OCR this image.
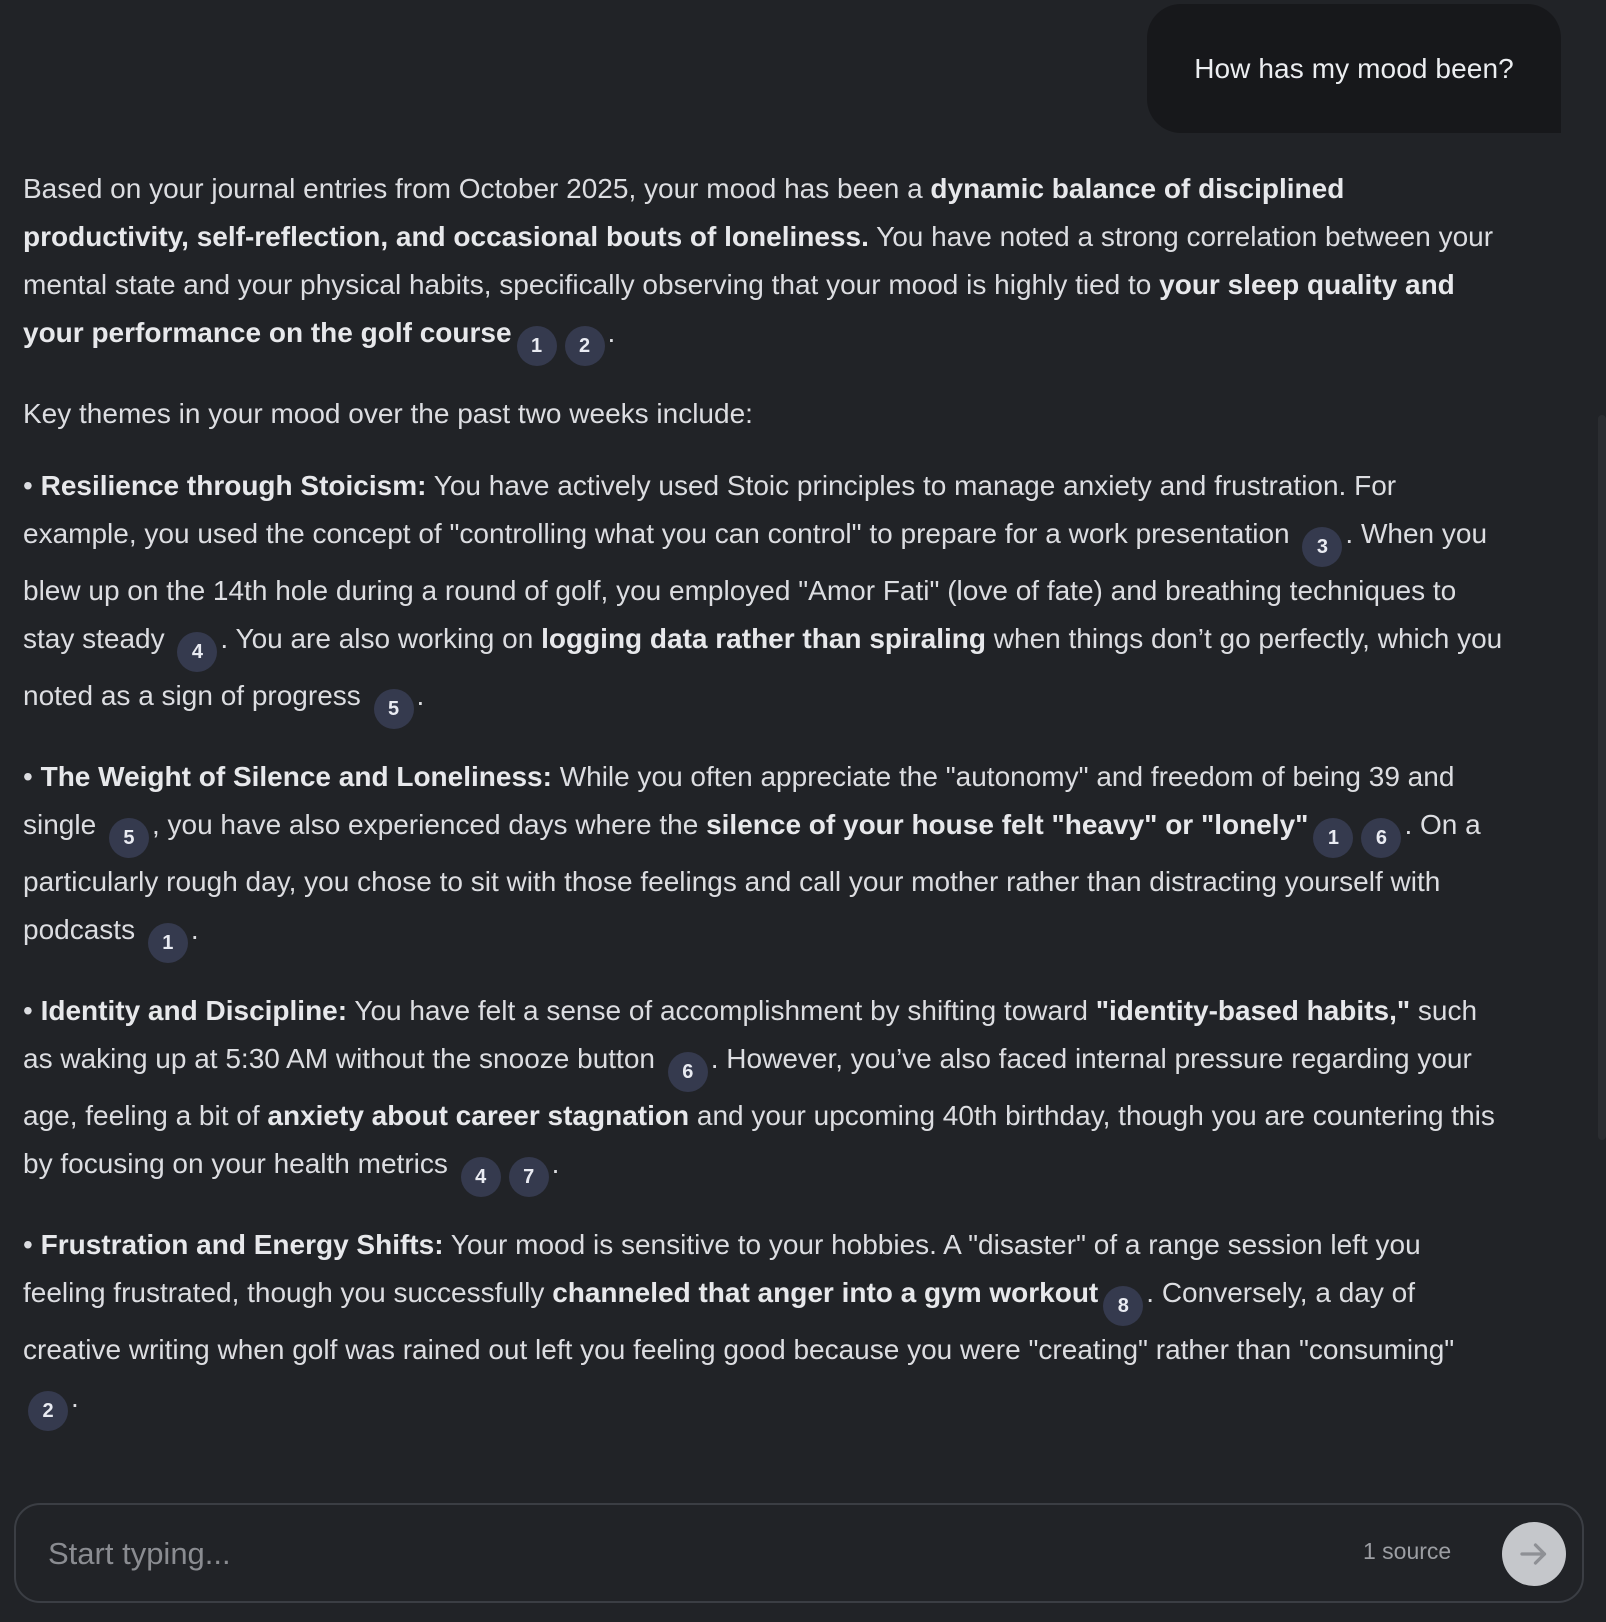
How has my mood been?

Based on your journal entries from October 2025, your mood has been a dynamic balance of disciplined productivity, self-reflection, and occasional bouts of loneliness. You have noted a strong correlation between your mental state and your physical habits, specifically observing that your mood is highly tied to your sleep quality and your performance on the golf course 1 2 .

Key themes in your mood over the past two weeks include:

• Resilience through Stoicism: You have actively used Stoic principles to manage anxiety and frustration. For example, you used the concept of "controlling what you can control" to prepare for a work presentation 3 . When you blew up on the 14th hole during a round of golf, you employed "Amor Fati" (love of fate) and breathing techniques to stay steady 4 . You are also working on logging data rather than spiraling when things don’t go perfectly, which you noted as a sign of progress 5 .

• The Weight of Silence and Loneliness: While you often appreciate the "autonomy" and freedom of being 39 and single 5 , you have also experienced days where the silence of your house felt "heavy" or "lonely" 1 6 . On a particularly rough day, you chose to sit with those feelings and call your mother rather than distracting yourself with podcasts 1 .

• Identity and Discipline: You have felt a sense of accomplishment by shifting toward "identity-based habits," such as waking up at 5:30 AM without the snooze button 6 . However, you’ve also faced internal pressure regarding your age, feeling a bit of anxiety about career stagnation and your upcoming 40th birthday, though you are countering this by focusing on your health metrics 4 7 .

• Frustration and Energy Shifts: Your mood is sensitive to your hobbies. A "disaster" of a range session left you feeling frustrated, though you successfully channeled that anger into a gym workout 8 . Conversely, a day of creative writing when golf was rained out left you feeling good because you were "creating" rather than "consuming" 2 .

Start typing...
1 source
